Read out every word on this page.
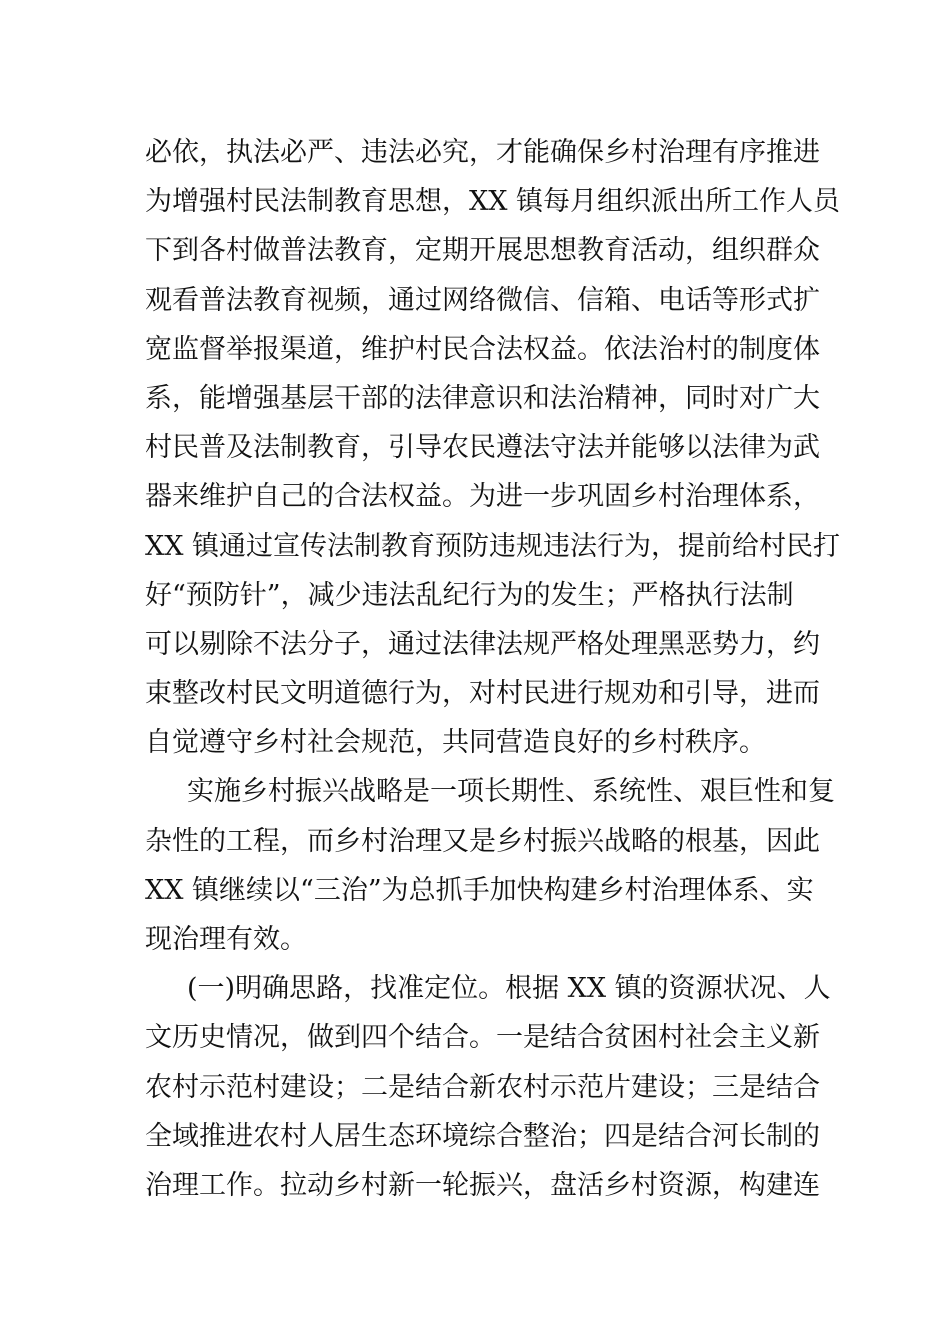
必依，执法必严、违法必究，才能确保乡村治理有序推进
为增强村民法制教育思想，XX 镇每月组织派出所工作人员
下到各村做普法教育，定期开展思想教育活动，组织群众
观看普法教育视频，通过网络微信、信箱、电话等形式扩
宽监督举报渠道，维护村民合法权益。依法治村的制度体
系，能增强基层干部的法律意识和法治精神，同时对广大
村民普及法制教育，引导农民遵法守法并能够以法律为武
器来维护自己的合法权益。为进一步巩固乡村治理体系，
XX 镇通过宣传法制教育预防违规违法行为，提前给村民打
好“预防针”，减少违法乱纪行为的发生；严格执行法制
可以剔除不法分子，通过法律法规严格处理黑恶势力，约
束整改村民文明道德行为，对村民进行规劝和引导，进而
自觉遵守乡村社会规范，共同营造良好的乡村秩序。
实施乡村振兴战略是一项长期性、系统性、艰巨性和复
杂性的工程，而乡村治理又是乡村振兴战略的根基，因此
XX 镇继续以“三治”为总抓手加快构建乡村治理体系、实
现治理有效。
(一)明确思路，找准定位。根据 XX 镇的资源状况、人
文历史情况，做到四个结合。一是结合贫困村社会主义新
农村示范村建设；二是结合新农村示范片建设；三是结合
全域推进农村人居生态环境综合整治；四是结合河长制的
治理工作。拉动乡村新一轮振兴，盘活乡村资源，构建连
